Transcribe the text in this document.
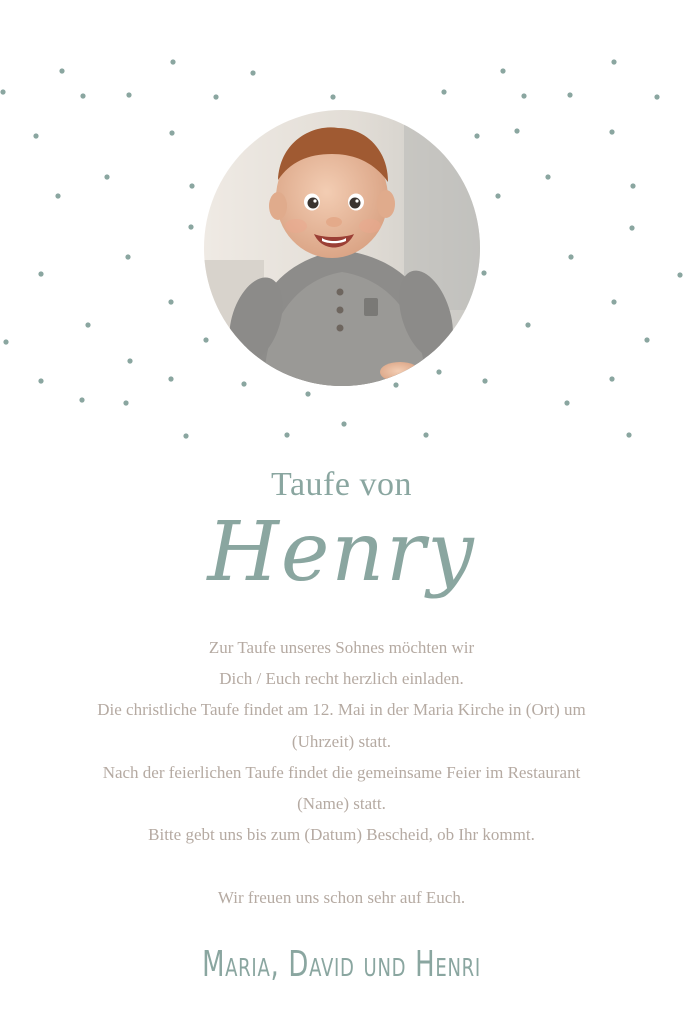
Taufe von
Henry

Zur Taufe unseres Sohnes möchten wir

Dich / Euch recht herzlich einladen.

Die christliche Taufe findet am 12. Mai in der Maria Kirche in (Ort) um

(Uhrzeit) statt.

Nach der feierlichen Taufe findet die gemeinsame Feier im Restaurant

(Name) statt.

Bitte gebt uns bis zum (Datum) Bescheid, ob Ihr kommt.

Wir freuen uns schon sehr auf Euch.

Maria, David und Henri
